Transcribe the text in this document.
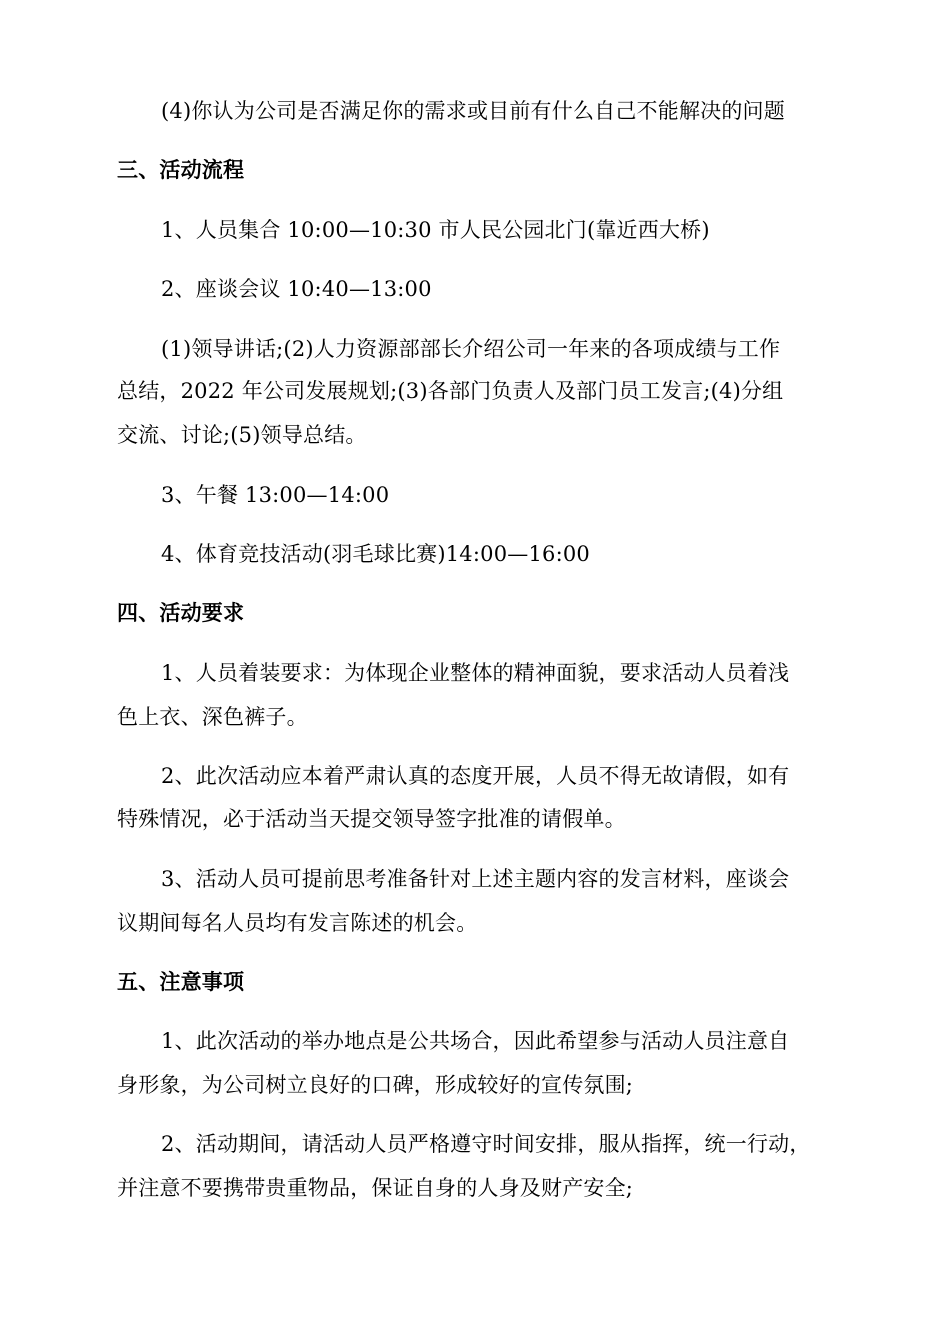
(4)你认为公司是否满足你的需求或目前有什么自己不能解决的问题
三、活动流程
1、人员集合 10:00—10:30 市人民公园北门(靠近西大桥)
2、座谈会议 10:40—13:00
(1)领导讲话;(2)人力资源部部长介绍公司一年来的各项成绩与工作
总结，2022 年公司发展规划;(3)各部门负责人及部门员工发言;(4)分组
交流、讨论;(5)领导总结。
3、午餐 13:00—14:00
4、体育竞技活动(羽毛球比赛)14:00—16:00
四、活动要求
1、人员着装要求：为体现企业整体的精神面貌，要求活动人员着浅
色上衣、深色裤子。
2、此次活动应本着严肃认真的态度开展，人员不得无故请假，如有
特殊情况，必于活动当天提交领导签字批准的请假单。
3、活动人员可提前思考准备针对上述主题内容的发言材料，座谈会
议期间每名人员均有发言陈述的机会。
五、注意事项
1、此次活动的举办地点是公共场合，因此希望参与活动人员注意自
身形象，为公司树立良好的口碑，形成较好的宣传氛围;
2、活动期间，请活动人员严格遵守时间安排，服从指挥，统一行动，
并注意不要携带贵重物品，保证自身的人身及财产安全;
